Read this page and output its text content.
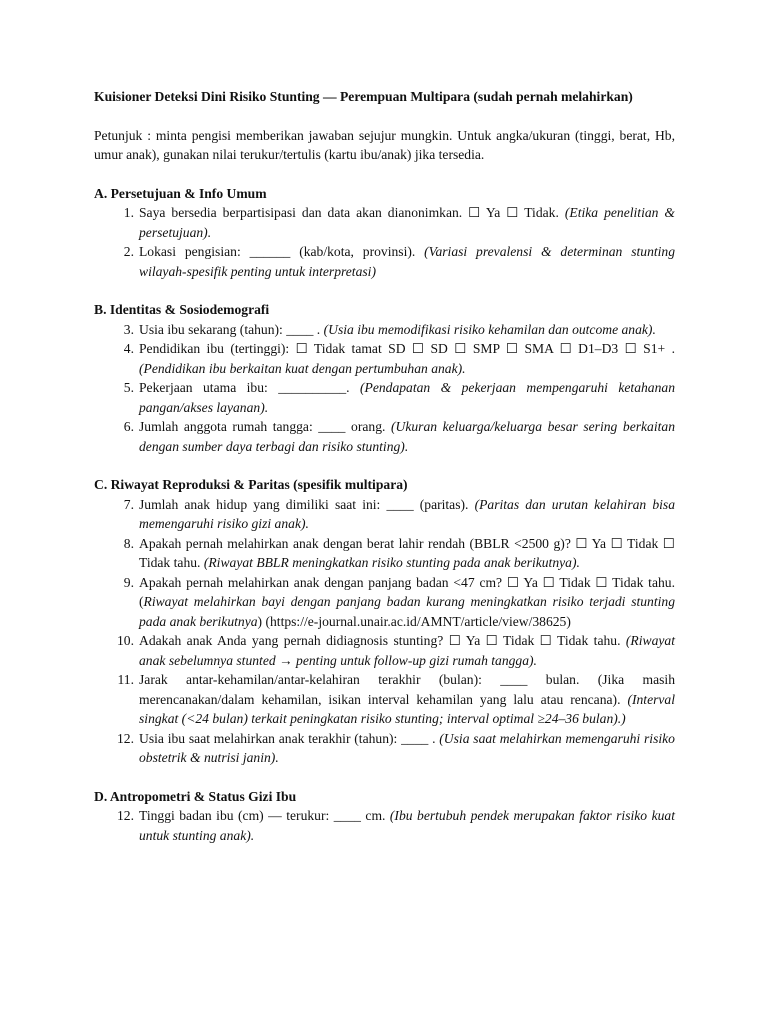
Kuisioner Deteksi Dini Risiko Stunting — Perempuan Multipara (sudah pernah melahirkan)

Petunjuk : minta pengisi memberikan jawaban sejujur mungkin. Untuk angka/ukuran (tinggi, berat, Hb, umur anak), gunakan nilai terukur/tertulis (kartu ibu/anak) jika tersedia.

A. Persetujuan & Info Umum

1. Saya bersedia berpartisipasi dan data akan dianonimkan. ☐ Ya ☐ Tidak. (Etika penelitian & persetujuan).
2. Lokasi pengisian: ______ (kab/kota, provinsi). (Variasi prevalensi & determinan stunting wilayah-spesifik penting untuk interpretasi)

B. Identitas & Sosiodemografi

3. Usia ibu sekarang (tahun): ____ . (Usia ibu memodifikasi risiko kehamilan dan outcome anak).
4. Pendidikan ibu (tertinggi): ☐ Tidak tamat SD ☐ SD ☐ SMP ☐ SMA ☐ D1–D3 ☐ S1+ . (Pendidikan ibu berkaitan kuat dengan pertumbuhan anak).
5. Pekerjaan utama ibu: __________. (Pendapatan & pekerjaan mempengaruhi ketahanan pangan/akses layanan).
6. Jumlah anggota rumah tangga: ____ orang. (Ukuran keluarga/keluarga besar sering berkaitan dengan sumber daya terbagi dan risiko stunting).

C. Riwayat Reproduksi & Paritas (spesifik multipara)

7. Jumlah anak hidup yang dimiliki saat ini: ____ (paritas). (Paritas dan urutan kelahiran bisa memengaruhi risiko gizi anak).
8. Apakah pernah melahirkan anak dengan berat lahir rendah (BBLR <2500 g)? ☐ Ya ☐ Tidak ☐ Tidak tahu. (Riwayat BBLR meningkatkan risiko stunting pada anak berikutnya).
9. Apakah pernah melahirkan anak dengan panjang badan <47 cm? ☐ Ya ☐ Tidak ☐ Tidak tahu. (Riwayat melahirkan bayi dengan panjang badan kurang meningkatkan risiko terjadi stunting pada anak berikutnya) (https://e-journal.unair.ac.id/AMNT/article/view/38625)
10. Adakah anak Anda yang pernah didiagnosis stunting? ☐ Ya ☐ Tidak ☐ Tidak tahu. (Riwayat anak sebelumnya stunted → penting untuk follow-up gizi rumah tangga).
11. Jarak antar-kehamilan/antar-kelahiran terakhir (bulan): ____ bulan. (Jika masih merencanakan/dalam kehamilan, isikan interval kehamilan yang lalu atau rencana). (Interval singkat (<24 bulan) terkait peningkatan risiko stunting; interval optimal ≥24–36 bulan).)
12. Usia ibu saat melahirkan anak terakhir (tahun): ____ . (Usia saat melahirkan memengaruhi risiko obstetrik & nutrisi janin).

D. Antropometri & Status Gizi Ibu

12. Tinggi badan ibu (cm) — terukur: ____ cm. (Ibu bertubuh pendek merupakan faktor risiko kuat untuk stunting anak).
